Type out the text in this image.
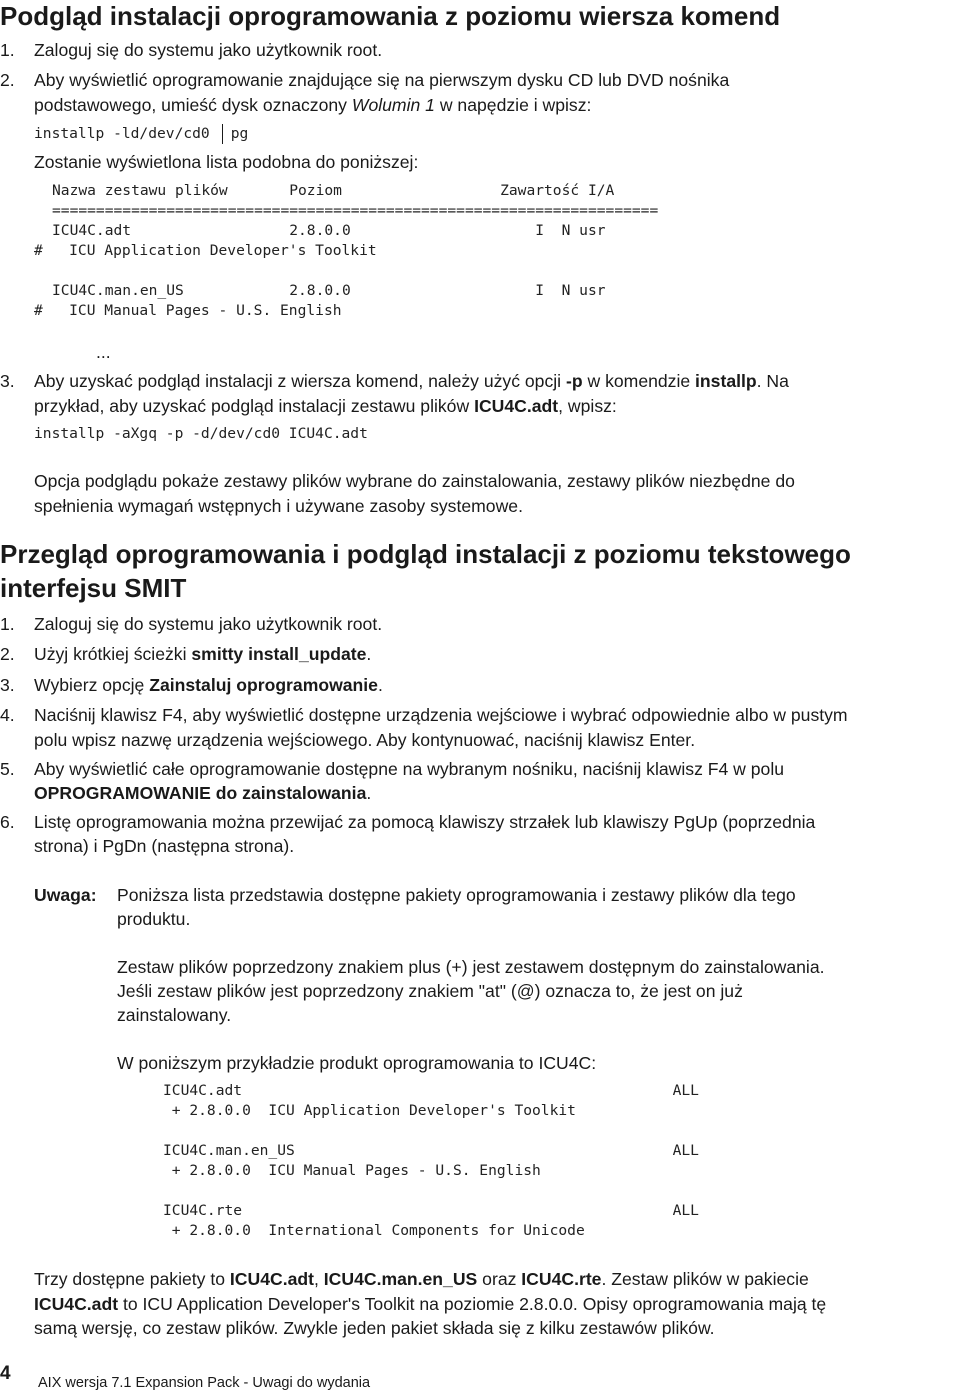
Podgląd instalacji oprogramowania z poziomu wiersza komend
1. Zaloguj się do systemu jako użytkownik root.
2. Aby wyświetlić oprogramowanie znajdujące się na pierwszym dysku CD lub DVD nośnika
podstawowego, umieść dysk oznaczony Wolumin 1 w napędzie i wpisz:
installp -ld/dev/cd0 pg
Zostanie wyświetlona lista podobna do poniższej:
Nazwa zestawu plików       Poziom                  Zawartość I/A
=====================================================================
ICU4C.adt                  2.8.0.0                     I  N usr
#   ICU Application Developer's Toolkit
ICU4C.man.en_US            2.8.0.0                     I  N usr
#   ICU Manual Pages - U.S. English
...
3. Aby uzyskać podgląd instalacji z wiersza komend, należy użyć opcji -p w komendzie installp. Na
przykład, aby uzyskać podgląd instalacji zestawu plików ICU4C.adt, wpisz:
installp -aXgq -p -d/dev/cd0 ICU4C.adt
Opcja podglądu pokaże zestawy plików wybrane do zainstalowania, zestawy plików niezbędne do
spełnienia wymagań wstępnych i używane zasoby systemowe.
Przegląd oprogramowania i podgląd instalacji z poziomu tekstowego
interfejsu SMIT
1. Zaloguj się do systemu jako użytkownik root.
2. Użyj krótkiej ścieżki smitty install_update.
3. Wybierz opcję Zainstaluj oprogramowanie.
4. Naciśnij klawisz F4, aby wyświetlić dostępne urządzenia wejściowe i wybrać odpowiednie albo w pustym
polu wpisz nazwę urządzenia wejściowego. Aby kontynuować, naciśnij klawisz Enter.
5. Aby wyświetlić całe oprogramowanie dostępne na wybranym nośniku, naciśnij klawisz F4 w polu
OPROGRAMOWANIE do zainstalowania.
6. Listę oprogramowania można przewijać za pomocą klawiszy strzałek lub klawiszy PgUp (poprzednia
strona) i PgDn (następna strona).
Uwaga: Poniższa lista przedstawia dostępne pakiety oprogramowania i zestawy plików dla tego
produktu.
Zestaw plików poprzedzony znakiem plus (+) jest zestawem dostępnym do zainstalowania.
Jeśli zestaw plików jest poprzedzony znakiem "at" (@) oznacza to, że jest on już
zainstalowany.
W poniższym przykładzie produkt oprogramowania to ICU4C:
ICU4C.adt                                                 ALL
+ 2.8.0.0  ICU Application Developer's Toolkit
ICU4C.man.en_US                                           ALL
+ 2.8.0.0  ICU Manual Pages - U.S. English
ICU4C.rte                                                 ALL
+ 2.8.0.0  International Components for Unicode
Trzy dostępne pakiety to ICU4C.adt, ICU4C.man.en_US oraz ICU4C.rte. Zestaw plików w pakiecie
ICU4C.adt to ICU Application Developer's Toolkit na poziomie 2.8.0.0. Opisy oprogramowania mają tę
samą wersję, co zestaw plików. Zwykle jeden pakiet składa się z kilku zestawów plików.
4 AIX wersja 7.1 Expansion Pack - Uwagi do wydania
